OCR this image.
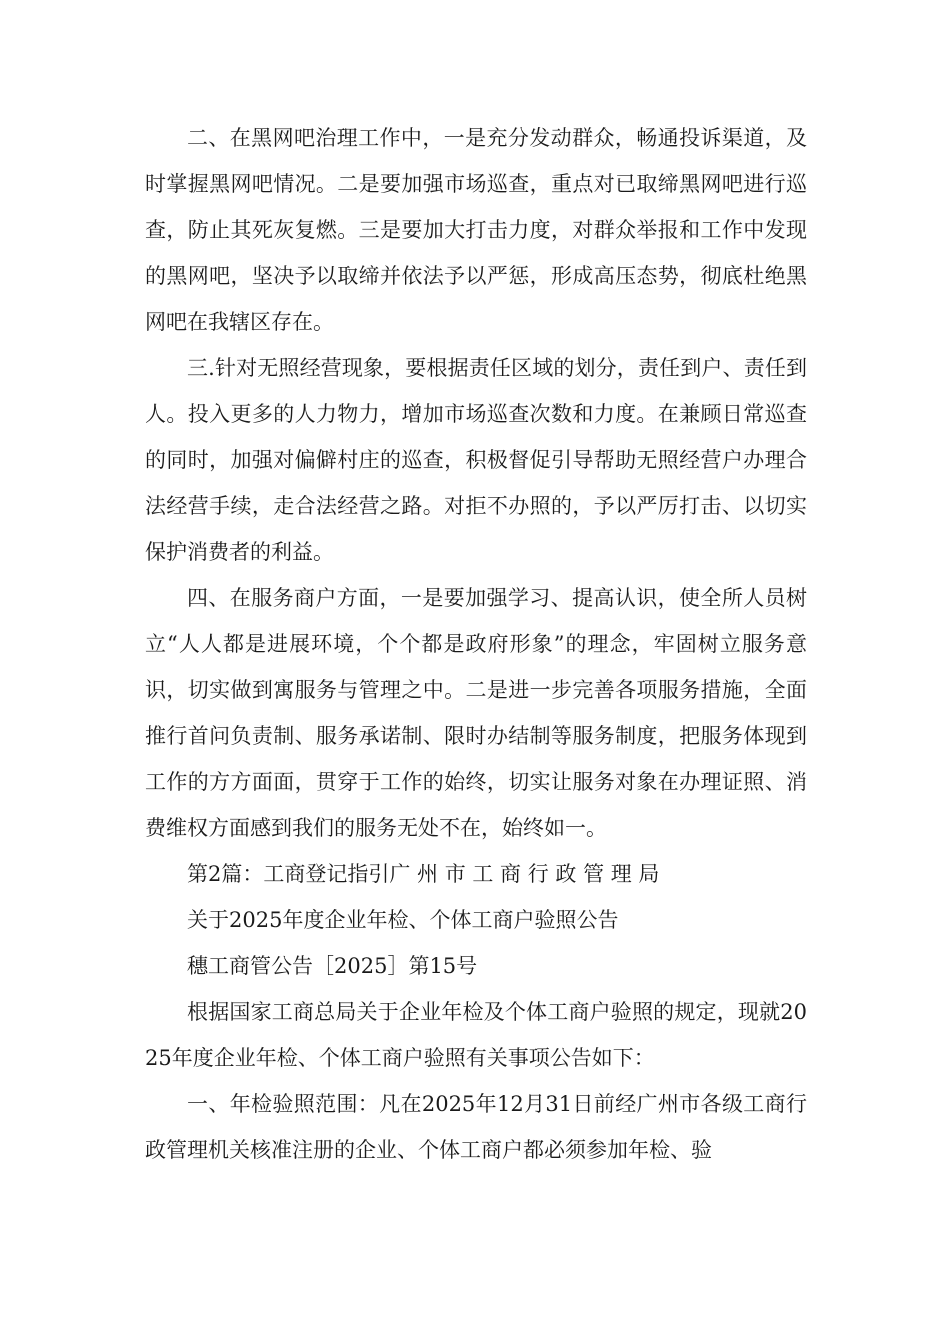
二、在黑网吧治理工作中，一是充分发动群众，畅通投诉渠道，及时掌握黑网吧情况。二是要加强市场巡查，重点对已取缔黑网吧进行巡查，防止其死灰复燃。三是要加大打击力度，对群众举报和工作中发现的黑网吧，坚决予以取缔并依法予以严惩，形成高压态势，彻底杜绝黑网吧在我辖区存在。

三.针对无照经营现象，要根据责任区域的划分，责任到户、责任到人。投入更多的人力物力，增加市场巡查次数和力度。在兼顾日常巡查的同时，加强对偏僻村庄的巡查，积极督促引导帮助无照经营户办理合法经营手续，走合法经营之路。对拒不办照的，予以严厉打击、以切实保护消费者的利益。

四、在服务商户方面，一是要加强学习、提高认识，使全所人员树立“人人都是进展环境，个个都是政府形象”的理念，牢固树立服务意识，切实做到寓服务与管理之中。二是进一步完善各项服务措施，全面推行首问负责制、服务承诺制、限时办结制等服务制度，把服务体现到工作的方方面面，贯穿于工作的始终，切实让服务对象在办理证照、消费维权方面感到我们的服务无处不在，始终如一。

第2篇：工商登记指引广 州 市 工 商 行 政 管 理 局

关于2025年度企业年检、个体工商户验照公告

穗工商管公告［2025］第15号

根据国家工商总局关于企业年检及个体工商户验照的规定，现就2025年度企业年检、个体工商户验照有关事项公告如下：

一、年检验照范围：凡在2025年12月31日前经广州市各级工商行政管理机关核准注册的企业、个体工商户都必须参加年检、验
